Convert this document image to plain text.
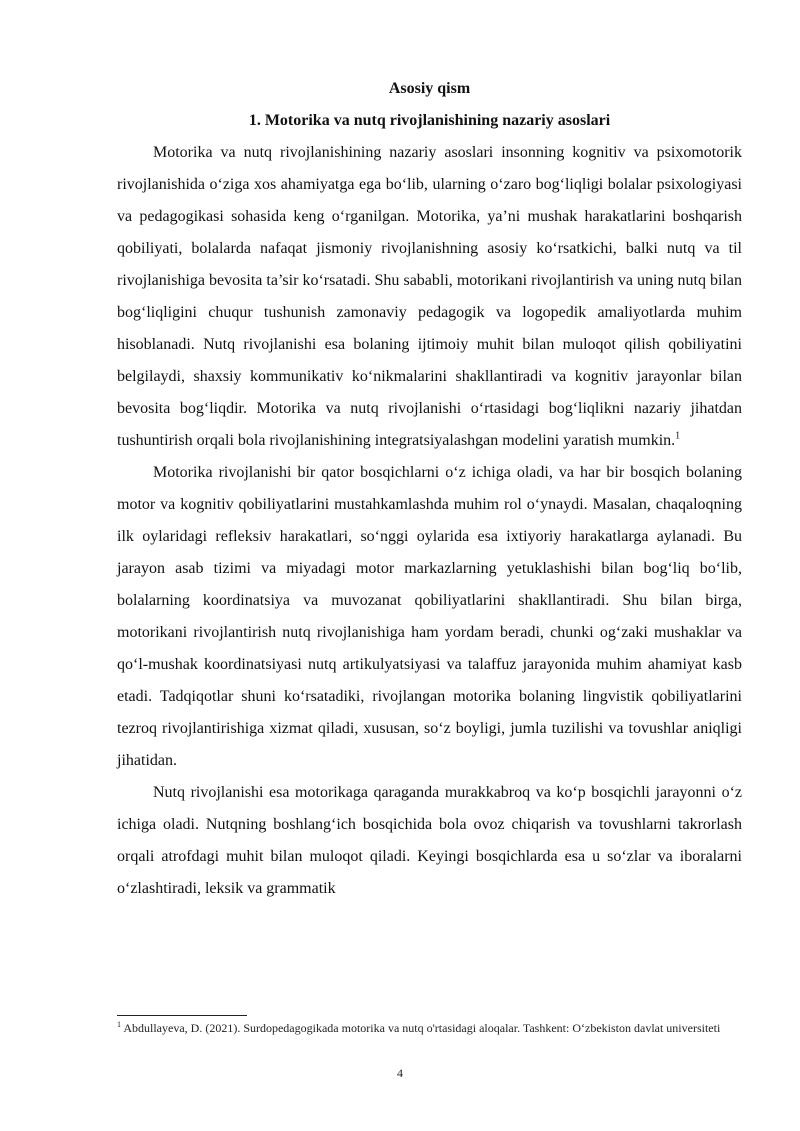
Asosiy qism

1. Motorika va nutq rivojlanishining nazariy asoslari

Motorika va nutq rivojlanishining nazariy asoslari insonning kognitiv va psixomotorik rivojlanishida o‘ziga xos ahamiyatga ega bo‘lib, ularning o‘zaro bog‘liqligi bolalar psixologiyasi va pedagogikasi sohasida keng o‘rganilgan. Motorika, ya’ni mushak harakatlarini boshqarish qobiliyati, bolalarda nafaqat jismoniy rivojlanishning asosiy ko‘rsatkichi, balki nutq va til rivojlanishiga bevosita ta’sir ko‘rsatadi. Shu sababli, motorikani rivojlantirish va uning nutq bilan bog‘liqligini chuqur tushunish zamonaviy pedagogik va logopedik amaliyotlarda muhim hisoblanadi. Nutq rivojlanishi esa bolaning ijtimoiy muhit bilan muloqot qilish qobiliyatini belgilaydi, shaxsiy kommunikativ ko‘nikmalarini shakllantiradi va kognitiv jarayonlar bilan bevosita bog‘liqdir. Motorika va nutq rivojlanishi o‘rtasidagi bog‘liqlikni nazariy jihatdan tushuntirish orqali bola rivojlanishining integratsiyalashgan modelini yaratish mumkin.$^1$

Motorika rivojlanishi bir qator bosqichlarni o‘z ichiga oladi, va har bir bosqich bolaning motor va kognitiv qobiliyatlarini mustahkamlashda muhim rol o‘ynaydi. Masalan, chaqaloqning ilk oylaridagi refleksiv harakatlari, so‘nggi oylarida esa ixtiyoriy harakatlarga aylanadi. Bu jarayon asab tizimi va miyadagi motor markazlarning yetuklashishi bilan bog‘liq bo‘lib, bolalarning koordinatsiya va muvozanat qobiliyatlarini shakllantiradi. Shu bilan birga, motorikani rivojlantirish nutq rivojlanishiga ham yordam beradi, chunki og‘zaki mushaklar va qo‘l-mushak koordinatsiyasi nutq artikulyatsiyasi va talaffuz jarayonida muhim ahamiyat kasb etadi. Tadqiqotlar shuni ko‘rsatadiki, rivojlangan motorika bolaning lingvistik qobiliyatlarini tezroq rivojlantirishiga xizmat qiladi, xususan, so‘z boyligi, jumla tuzilishi va tovushlar aniqligi jihatidan.

Nutq rivojlanishi esa motorikaga qaraganda murakkabroq va ko‘p bosqichli jarayonni o‘z ichiga oladi. Nutqning boshlang‘ich bosqichida bola ovoz chiqarish va tovushlarni takrorlash orqali atrofdagi muhit bilan muloqot qiladi. Keyingi bosqichlarda esa u so‘zlar va iboralarni o‘zlashtiradi, leksik va grammatik

$^1$ Abdullayeva, D. (2021). Surdopedagogikada motorika va nutq o'rtasidagi aloqalar. Tashkent: O‘zbekiston davlat universiteti
4
